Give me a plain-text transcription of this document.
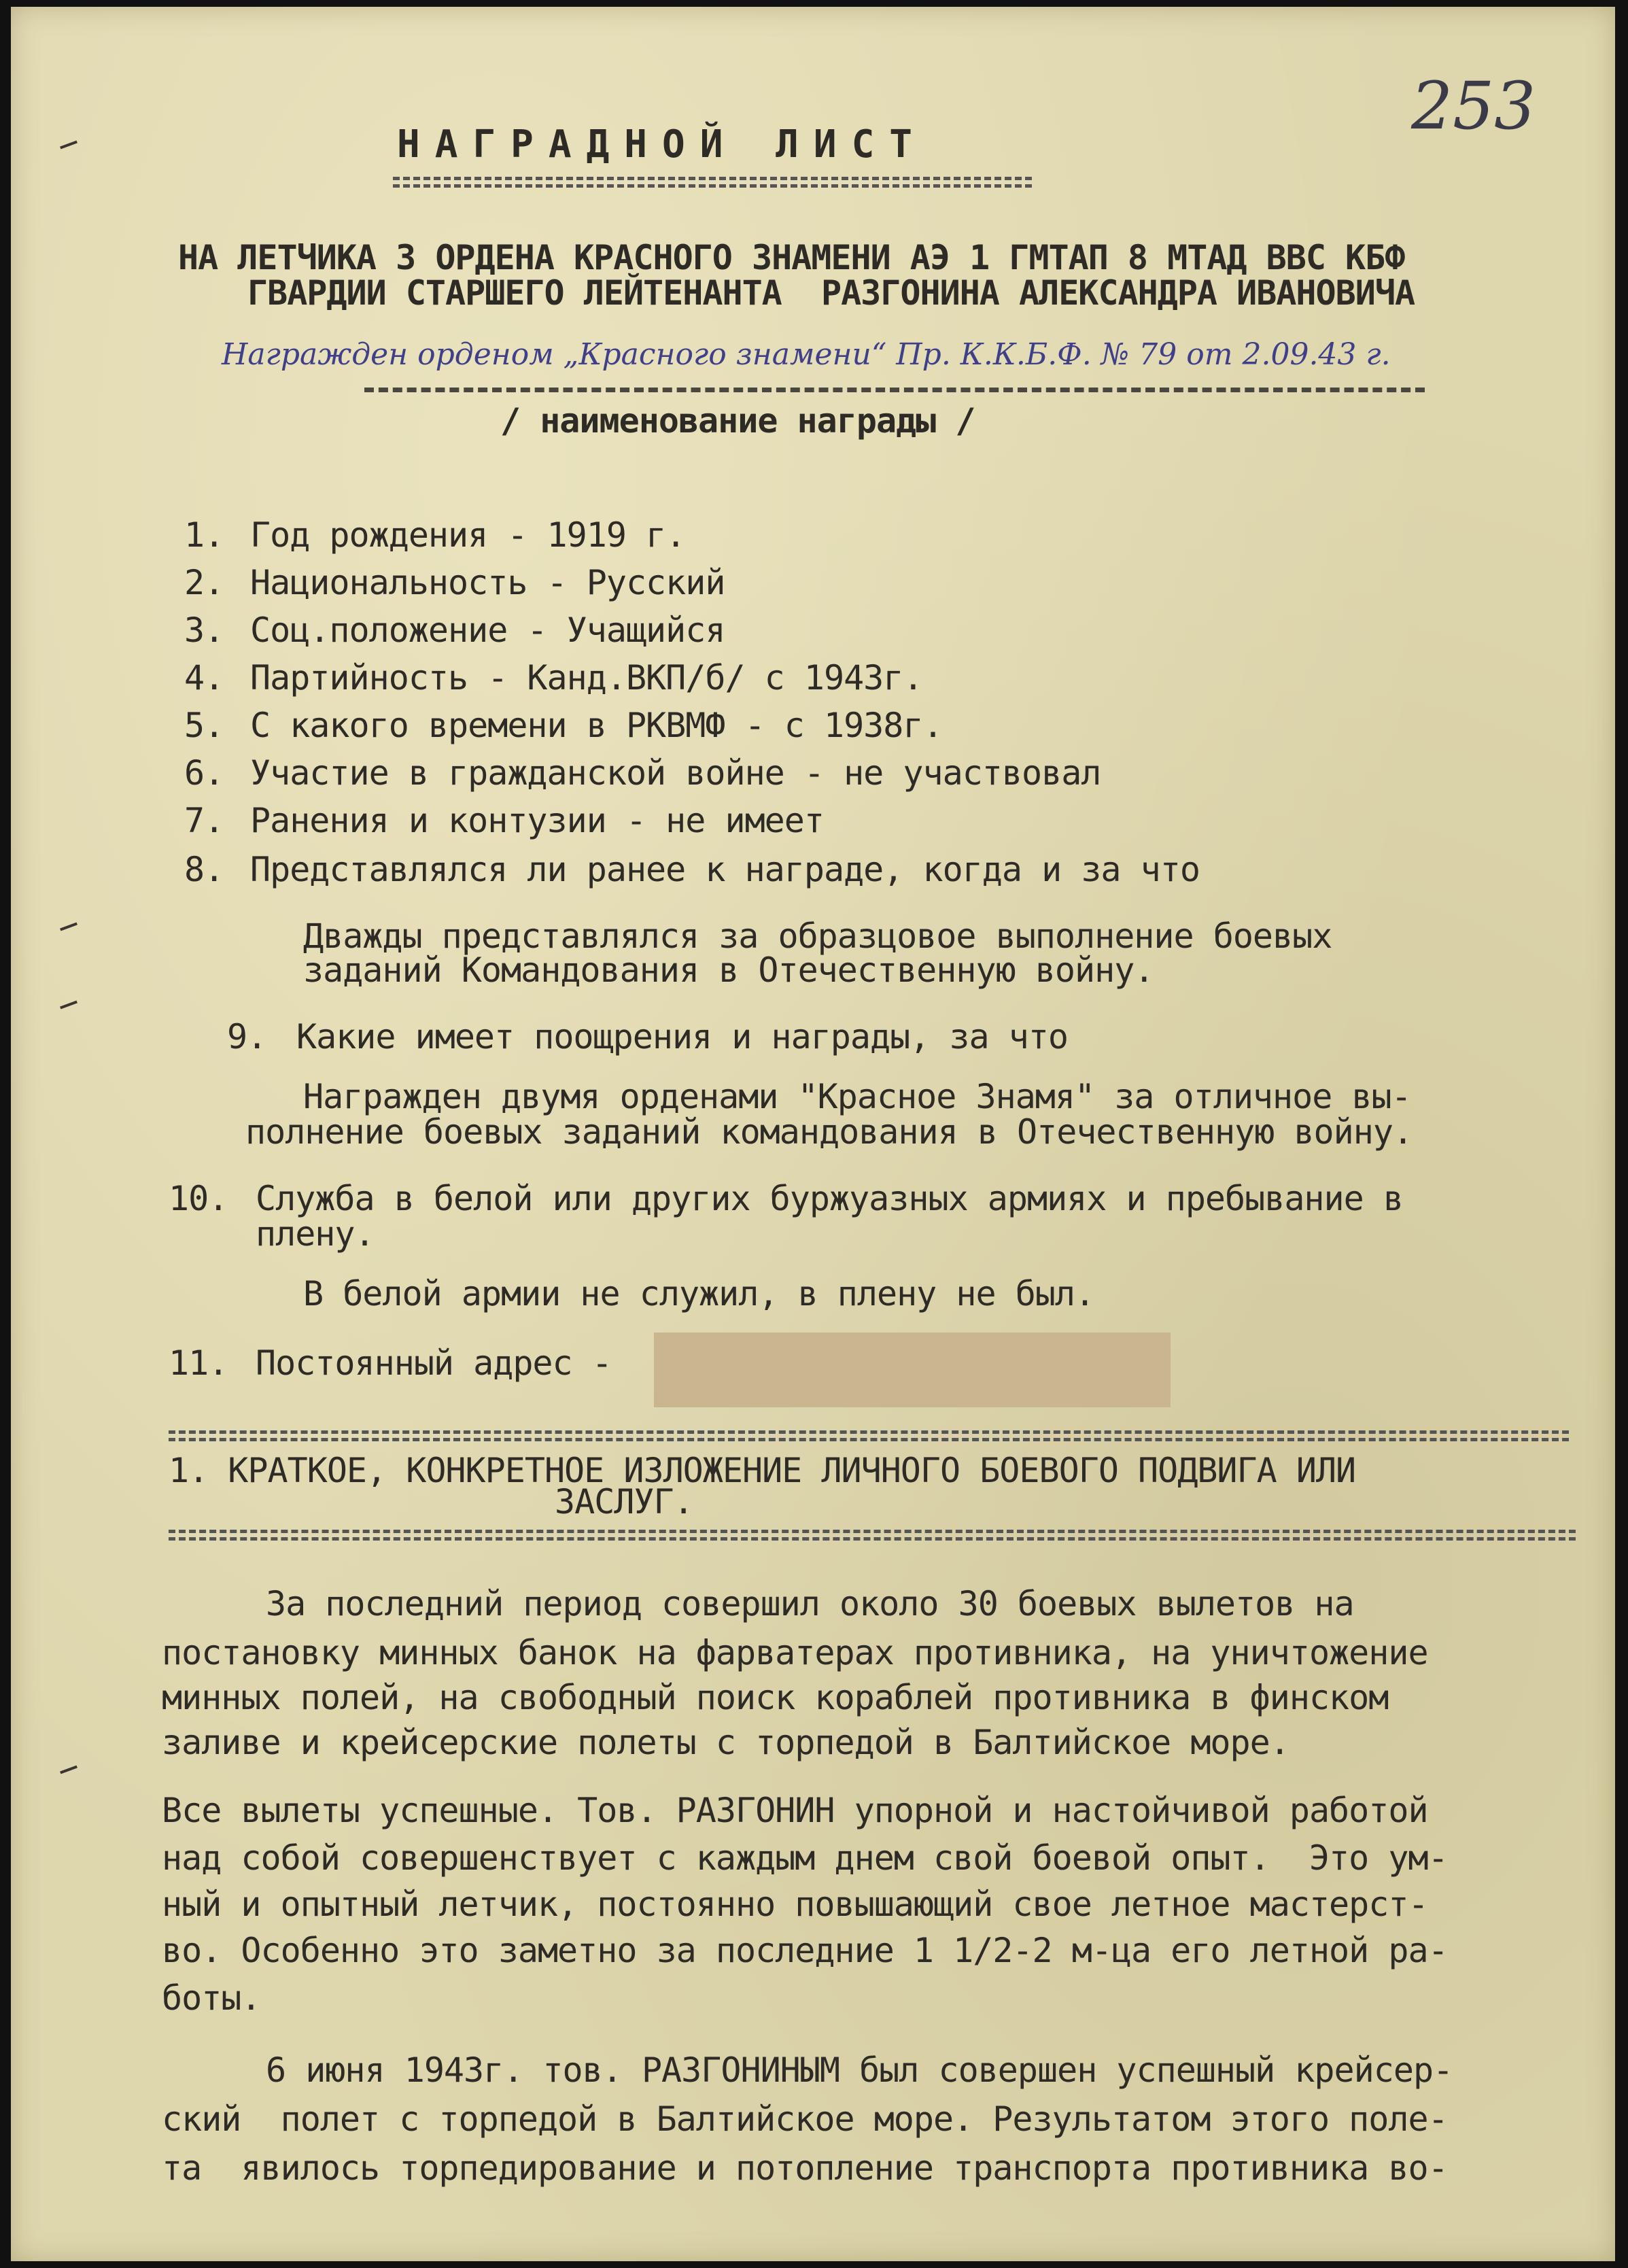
253
НАГРАДНОЙ ЛИСТ
НА ЛЕТЧИКА 3 ОРДЕНА КРАСНОГО ЗНАМЕНИ АЭ 1 ГМТАП 8 МТАД ВВС КБФ
ГВАРДИИ СТАРШЕГО ЛЕЙТЕНАНТА  РАЗГОНИНА АЛЕКСАНДРА ИВАНОВИЧА
Награжден орденом „Красного знамени“ Пр. К.К.Б.Ф. № 79 от 2.09.43 г.
/ наименование награды /
1. Год рождения - 1919 г.
2. Национальность - Русский
3. Соц.положение - Учащийся
4. Партийность - Канд.ВКП/б/ с 1943г.
5. С какого времени в РКВМФ - с 1938г.
6. Участие в гражданской войне - не участвовал
7. Ранения и контузии - не имеет
8. Представлялся ли ранее к награде, когда и за что
Дважды представлялся за образцовое выполнение боевых
заданий Командования в Отечественную войну.
9. Какие имеет поощрения и награды, за что
Награжден двумя орденами "Красное Знамя" за отличное вы-
полнение боевых заданий командования в Отечественную войну.
10. Служба в белой или других буржуазных армиях и пребывание в
плену.
В белой армии не служил, в плену не был.
11. Постоянный адрес -
1. КРАТКОЕ, КОНКРЕТНОЕ ИЗЛОЖЕНИЕ ЛИЧНОГО БОЕВОГО ПОДВИГА ИЛИ
ЗАСЛУГ.
За последний период совершил около 30 боевых вылетов на
постановку минных банок на фарватерах противника, на уничтожение
минных полей, на свободный поиск кораблей противника в финском
заливе и крейсерские полеты с торпедой в Балтийское море.
Все вылеты успешные. Тов. РАЗГОНИН упорной и настойчивой работой
над собой совершенствует с каждым днем свой боевой опыт.  Это ум-
ный и опытный летчик, постоянно повышающий свое летное мастерст-
во. Особенно это заметно за последние 1 1/2-2 м-ца его летной ра-
боты.
6 июня 1943г. тов. РАЗГОНИНЫМ был совершен успешный крейсер-
ский  полет с торпедой в Балтийское море. Результатом этого поле-
та  явилось торпедирование и потопление транспорта противника во-
